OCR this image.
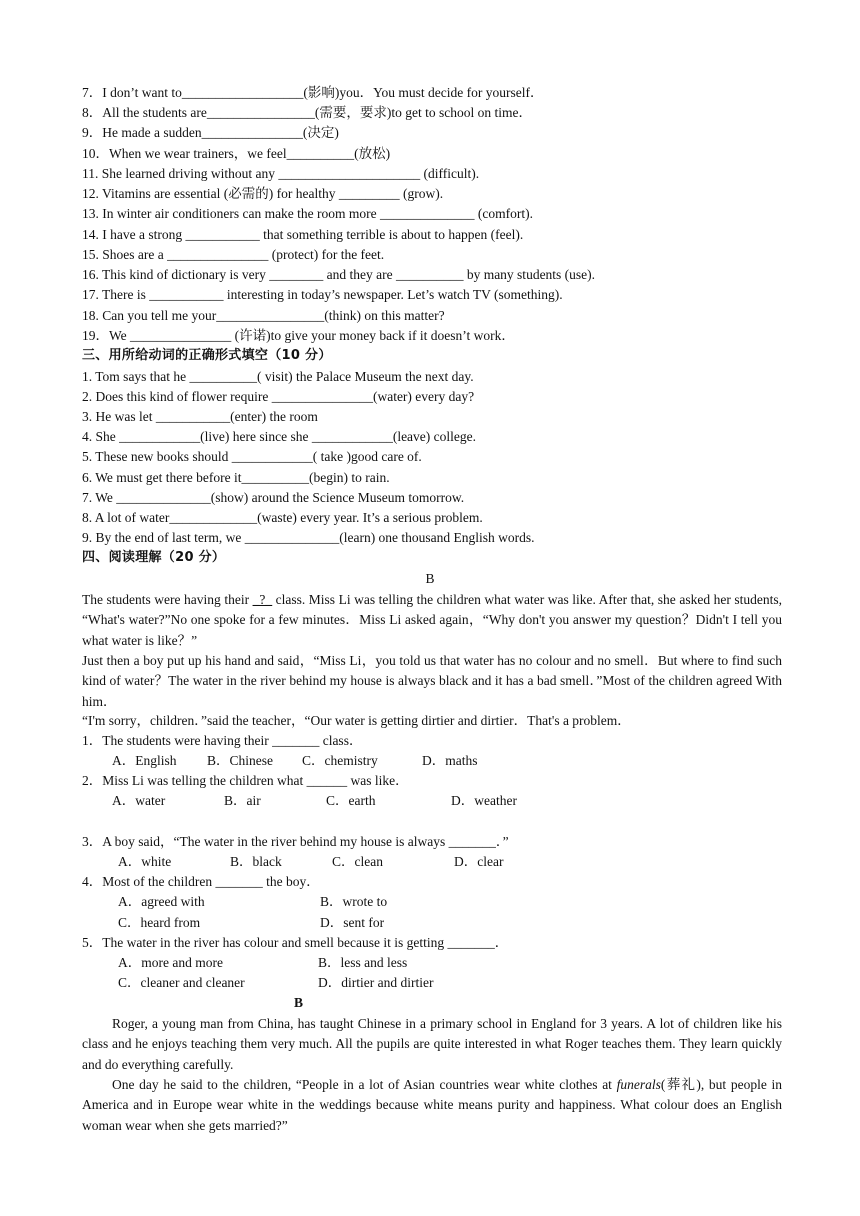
7．I don’t want to__________________(影响)you．You must decide for yourself．
8．All the students are________________(需要，要求)to get to school on time．
9．He made a sudden_______________(决定)
10．When we wear trainers，we feel__________(放松)
11. She learned driving without any _____________________ (difficult).
12. Vitamins are essential (必需的) for healthy _________ (grow).
13. In winter air conditioners can make the room more ______________ (comfort).
14. I have a strong ___________ that something terrible is about to happen (feel).
15. Shoes are a _______________ (protect) for the feet.
16. This kind of dictionary is very ________ and they are __________ by many students (use).
17. There is ___________ interesting in today’s newspaper. Let’s watch TV (something).
18. Can you tell me your________________(think) on this matter?
19．We _______________ (许诺)to give your money back if it doesn’t work．
三、用所给动词的正确形式填空（10 分）
1. Tom says that he __________( visit) the Palace Museum the next day.
2. Does this kind of flower require _______________(water) every day?
3. He was let ___________(enter) the room
4. She ____________(live) here since she ____________(leave) college.
5. These new books should ____________( take )good care of.
6. We must get there before it__________(begin) to rain.
7. We ______________(show) around the Science Museum tomorrow.
8. A lot of water_____________(waste) every year. It’s a serious problem.
9. By the end of last term, we ______________(learn) one thousand English words.
四、阅读理解（20 分）
B
The students were having their _?_ class. Miss Li was telling the children what water was like. After that, she asked her students, “What's water?”No one spoke for a few minutes．Miss Li asked again，“Why don't you answer my question？Didn't I tell you what water is like？”
Just then a boy put up his hand and said，“Miss Li，you told us that water has no colour and no smell．But where to find such kind of water？The water in the river behind my house is always black and it has a bad smell．”Most of the children agreed With him．
“I'm sorry，children．”said the teacher，“Our water is getting dirtier and dirtier．That's a problem．
1．The students were having their _______ class．
A．English B．Chinese C．chemistry	D．maths
2．Miss Li was telling the children what ______ was like．
A．water	B．air	C．earth	D．weather
3．A boy said，“The water in the river behind my house is always _______．”
A．white	B．black	C．clean	D．clear
4．Most of the children _______ the boy．
A．agreed with	B．wrote to
C．heard from	D．sent for
5．The water in the river has colour and smell because it is getting _______．
A．more and more	B．less and less
C．cleaner and cleaner	D．dirtier and dirtier
B
Roger, a young man from China, has taught Chinese in a primary school in England for 3 years. A lot of children like his class and he enjoys teaching them very much. All the pupils are quite interested in what Roger teaches them. They learn quickly and do everything carefully.
One day he said to the children, “People in a lot of Asian countries wear white clothes at funerals(葬礼), but people in America and in Europe wear white in the weddings because white means purity and happiness. What colour does an English woman wear when she gets married?”
